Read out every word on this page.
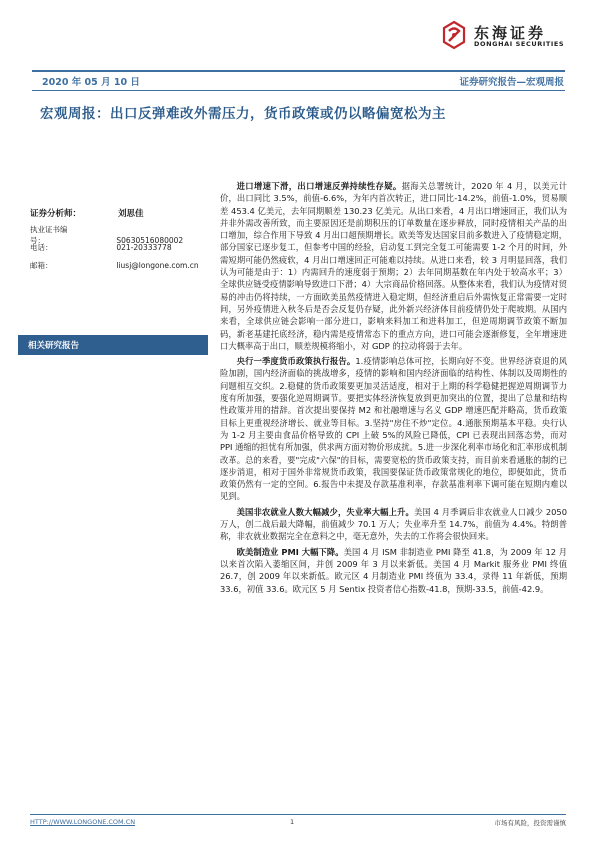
东海证券
DONGHAI SECURITIES
2020 年 05 月 10 日	证券研究报告—宏观周报
宏观周报：出口反弹难改外需压力，货币政策或仍以略偏宽松为主
证券分析师：	刘思佳
执业证书编号：	S0630516080002
电话：	021-20333778
邮箱：	liusj@longone.com.cn
相关研究报告

进口增速下滑，出口增速反弹持续性存疑。据海关总署统计，2020 年 4 月，以美元计价，出口同比 3.5%，前值-6.6%，为年内首次转正，进口同比-14.2%，前值-1.0%，贸易顺差 453.4 亿美元，去年同期顺差 130.23 亿美元。从出口来看，4 月出口增速回正，我们认为并非外需改善所致，而主要原因还是前期积压的订单数量在逐步释放，同时疫情相关产品的出口增加，综合作用下导致 4 月出口超预期增长。欧美等发达国家目前多数进入了疫情稳定期，部分国家已逐步复工，但参考中国的经验，启动复工到完全复工可能需要 1-2 个月的时间，外需短期可能仍然疲软，4 月出口增速回正可能难以持续。从进口来看，较 3 月明显回落，我们认为可能是由于：1）内需回升的速度弱于预期；2）去年同期基数在年内处于较高水平；3）全球供应链受疫情影响导致进口下滑；4）大宗商品价格回落。从整体来看，我们认为疫情对贸易的冲击仍将持续，一方面欧美虽然疫情进入稳定期，但经济重启后外需恢复正常需要一定时间，另外疫情进入秋冬后是否会反复仍存疑，此外新兴经济体目前疫情仍处于爬坡期。从国内来看，全球供应链会影响一部分进口，影响来料加工和进料加工，但逆周期调节政策不断加码，新老基建托底经济，稳内需是疫情常态下的重点方向，进口可能会逐渐修复，全年增速进口大概率高于出口，顺差规模将缩小，对 GDP 的拉动将弱于去年。

央行一季度货币政策执行报告。1.疫情影响总体可控，长期向好不变。世界经济衰退的风险加剧，国内经济面临的挑战增多，疫情的影响和国内经济面临的结构性、体制以及周期性的问题相互交织。2.稳健的货币政策要更加灵活适度，相对于上期的科学稳健把握逆周期调节力度有所加强，要强化逆周期调节。要把实体经济恢复放到更加突出的位置，提出了总量和结构性政策并用的措辞。首次提出要保持 M2 和社融增速与名义 GDP 增速匹配并略高，货币政策目标上更重视经济增长、就业等目标。3.坚持"房住不炒"定位。4.通胀预期基本平稳。央行认为 1-2 月主要由食品价格导致的 CPI 上破 5%的风险已降低，CPI 已表现出回落态势，而对 PPI 通缩的担忧有所加强，供求两方面对物价形成扰。5.进一步深化利率市场化和汇率形成机制改革。总的来看，要"完成"六保"的目标，需要宽松的货币政策支持，而目前来看通胀的制约已逐步消退，相对于国外非常规货币政策，我国要保证货币政策常规化的地位，即便如此，货币政策仍然有一定的空间。6.报告中未提及存款基准利率，存款基准利率下调可能在短期内难以见到。

美国非农就业人数大幅减少，失业率大幅上升。美国 4 月季调后非农就业人口减少 2050 万人，创二战后最大降幅，前值减少 70.1 万人；失业率升至 14.7%，前值为 4.4%。特朗普称，非农就业数据完全在意料之中，毫无意外，失去的工作将会很快回来。

欧美制造业 PMI 大幅下降。美国 4 月 ISM 非制造业 PMI 降至 41.8，为 2009 年 12 月以来首次陷入萎缩区间，并创 2009 年 3 月以来新低。美国 4 月 Markit 服务业 PMI 终值 26.7，创 2009 年以来新低。欧元区 4 月制造业 PMI 终值为 33.4，录得 11 年新低，预期 33.6，初值 33.6。欧元区 5 月 Sentix 投资者信心指数-41.8，预期-33.5，前值-42.9。

HTTP://WWW.LONGONE.COM.CN	1	市场有风险，投资需谨慎
